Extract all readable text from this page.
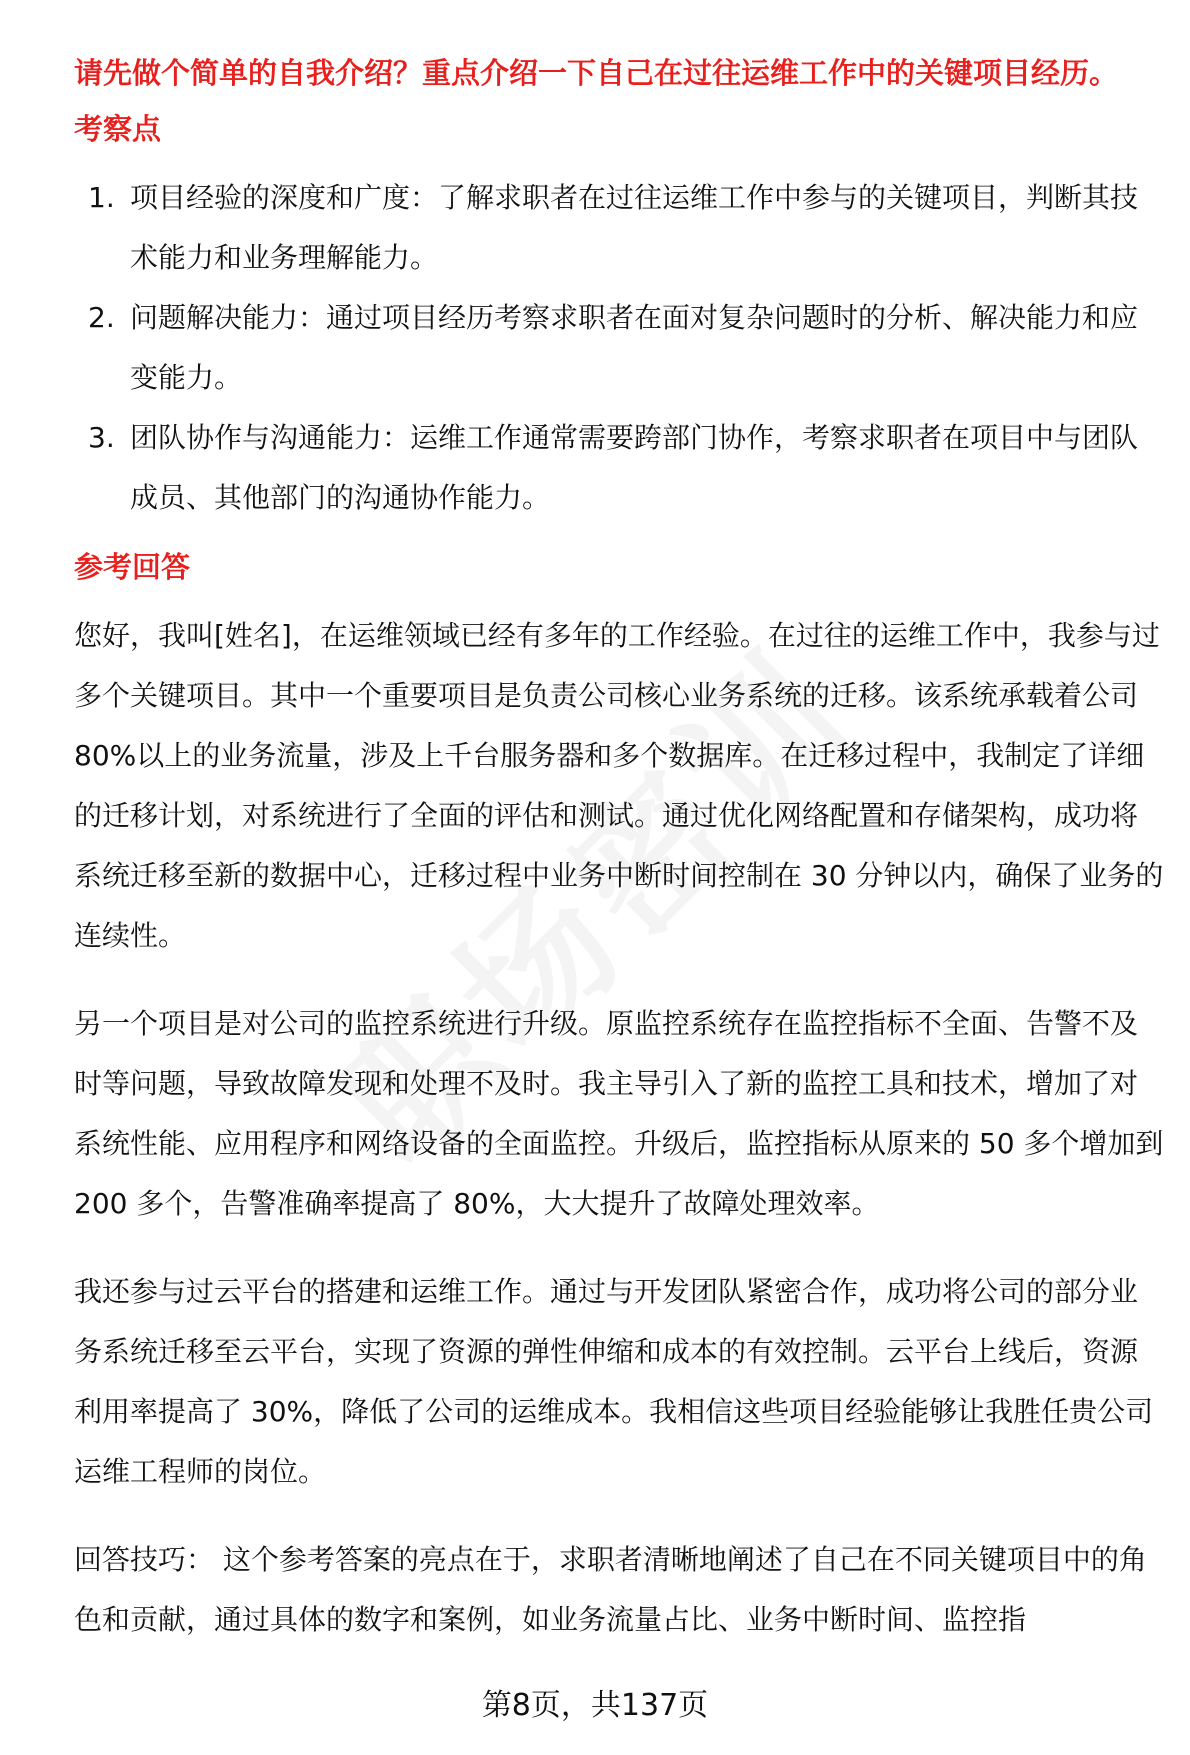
请先做个简单的自我介绍？重点介绍一下自己在过往运维工作中的关键项目经历。
考察点
1. 项目经验的深度和广度：了解求职者在过往运维工作中参与的关键项目，判断其技术能力和业务理解能力。
2. 问题解决能力：通过项目经历考察求职者在面对复杂问题时的分析、解决能力和应变能力。
3. 团队协作与沟通能力：运维工作通常需要跨部门协作，考察求职者在项目中与团队成员、其他部门的沟通协作能力。
参考回答

您好，我叫[姓名]，在运维领域已经有多年的工作经验。在过往的运维工作中，我参与过多个关键项目。其中一个重要项目是负责公司核心业务系统的迁移。该系统承载着公司 80%以上的业务流量，涉及上千台服务器和多个数据库。在迁移过程中，我制定了详细的迁移计划，对系统进行了全面的评估和测试。通过优化网络配置和存储架构，成功将系统迁移至新的数据中心，迁移过程中业务中断时间控制在 30 分钟以内，确保了业务的连续性。

另一个项目是对公司的监控系统进行升级。原监控系统存在监控指标不全面、告警不及时等问题，导致故障发现和处理不及时。我主导引入了新的监控工具和技术，增加了对系统性能、应用程序和网络设备的全面监控。升级后，监控指标从原来的 50 多个增加到 200 多个，告警准确率提高了 80%，大大提升了故障处理效率。

我还参与过云平台的搭建和运维工作。通过与开发团队紧密合作，成功将公司的部分业务系统迁移至云平台，实现了资源的弹性伸缩和成本的有效控制。云平台上线后，资源利用率提高了 30%，降低了公司的运维成本。我相信这些项目经验能够让我胜任贵公司运维工程师的岗位。

回答技巧： 这个参考答案的亮点在于，求职者清晰地阐述了自己在不同关键项目中的角色和贡献，通过具体的数字和案例，如业务流量占比、业务中断时间、监控指

第8页，共137页
